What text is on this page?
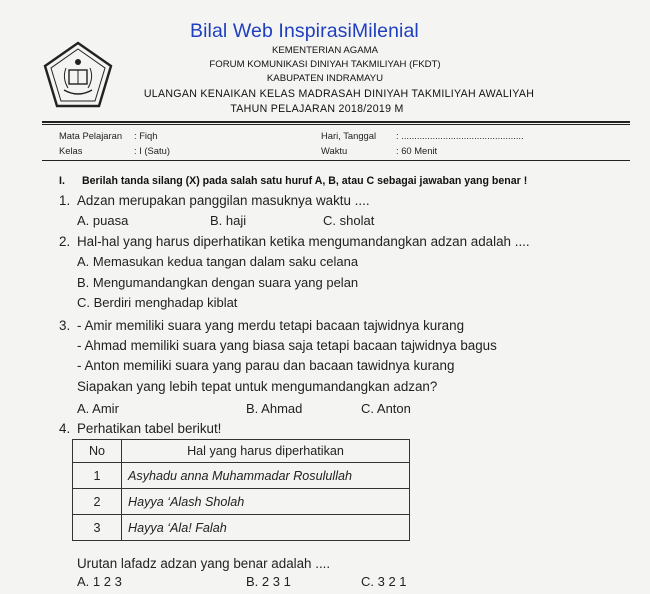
Bilal Web InspirasiMilenial
KEMENTERIAN AGAMA
FORUM KOMUNIKASI DINIYAH TAKMILIYAH (FKDT)
KABUPATEN INDRAMAYU
ULANGAN KENAIKAN KELAS MADRASAH DINIYAH TAKMILIYAH AWALIYAH
TAHUN PELAJARAN 2018/2019 M
Mata Pelajaran : Fiqh
Kelas	: I (Satu)
Hari, Tanggal : ...............................................
Waktu	: 60 Menit
I. Berilah tanda silang (X) pada salah satu huruf A, B, atau C sebagai jawaban yang benar !
1. Adzan merupakan panggilan masuknya waktu ....
A. puasa	B. haji	C. sholat
2. Hal-hal yang harus diperhatikan ketika mengumandangkan adzan adalah ....
A. Memasukan kedua tangan dalam saku celana
B. Mengumandangkan dengan suara yang pelan
C. Berdiri menghadap kiblat
3. - Amir memiliki suara yang merdu tetapi bacaan tajwidnya kurang
- Ahmad memiliki suara yang biasa saja tetapi bacaan tajwidnya bagus
- Anton memiliki suara yang parau dan bacaan tawidnya kurang
Siapakan yang lebih tepat untuk mengumandangkan adzan?
A. Amir	B. Ahmad	C. Anton
4. Perhatikan tabel berikut!
No	Hal yang harus diperhatikan
1	Asyhadu anna Muhammadar Rosulullah
2	Hayya ‘Alash Sholah
3	Hayya ‘Ala! Falah
Urutan lafadz adzan yang benar adalah ....
A. 1 2 3	B. 2 3 1	C. 3 2 1
